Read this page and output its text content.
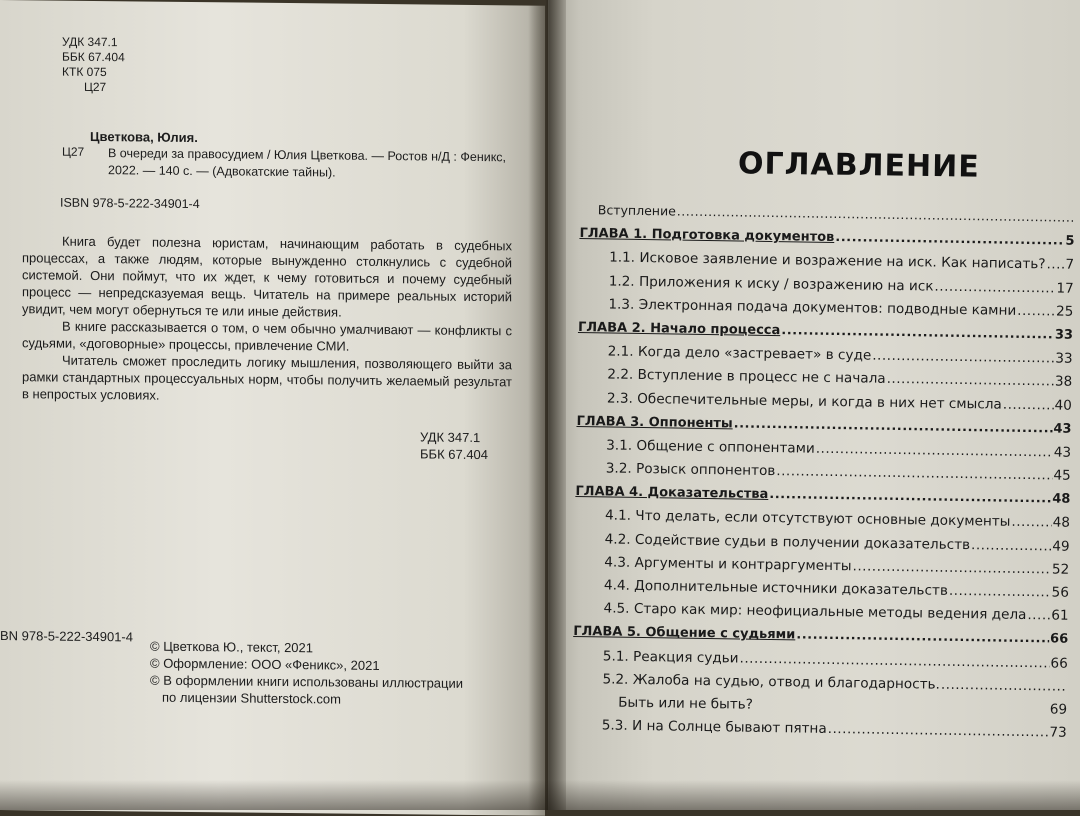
УДК 347.1
ББК 67.404
КТК 075
Ц27
Цветкова, Юлия.
Ц27 В очереди за правосудием / Юлия Цветкова. — Ростов н/Д : Феникс,
2022. — 140 с. — (Адвокатские тайны).
ISBN 978-5-222-34901-4

Книга будет полезна юристам, начинающим работать в судебных процессах, а также людям, которые вынужденно столкнулись с судебной системой. Они поймут, что их ждет, к чему готовиться и почему судебный процесс — непредсказуемая вещь. Читатель на примере реальных историй увидит, чем могут обернуться те или иные действия.

В книге рассказывается о том, о чем обычно умалчивают — конфликты с судьями, «договорные» процессы, привлечение СМИ.

Читатель сможет проследить логику мышления, позволяющего выйти за рамки стандартных процессуальных норм, чтобы получить желаемый результат в непростых условиях.

УДК 347.1
ББК 67.404
BN 978-5-222-34901-4
© Цветкова Ю., текст, 2021
© Оформление: ООО «Феникс», 2021
© В оформлении книги использованы иллюстрации
по лицензии Shutterstock.com
ОГЛАВЛЕНИЕ
Вступление
.....
ГЛАВА 1. Подготовка документов .....	5
1.1. Исковое заявление и возражение на иск. Как написать? ..... 7
1.2. Приложения к иску / возражению на иск .....	17
1.3. Электронная подача документов: подводные камни .....	25
ГЛАВА 2. Начало процесса .....	33
2.1. Когда дело «застревает» в суде .....	33
2.2. Вступление в процесс не с начала .....	38
2.3. Обеспечительные меры, и когда в них нет смысла .....	40
ГЛАВА 3. Оппоненты .....	43
3.1. Общение с оппонентами .....	43
3.2. Розыск оппонентов .....	45
ГЛАВА 4. Доказательства .....	48
4.1. Что делать, если отсутствуют основные документы .....	48
4.2. Содействие судьи в получении доказательств .....	49
4.3. Аргументы и контраргументы .....	52
4.4. Дополнительные источники доказательств .....	56
4.5. Старо как мир: неофициальные методы ведения дела ..... 61
ГЛАВА 5. Общение с судьями .....	66
5.1. Реакция судьи .....	66
5.2. Жалоба на судью, отвод и благодарность.
.....
Быть или не быть?	69
5.3. И на Солнце бывают пятна .....	73
